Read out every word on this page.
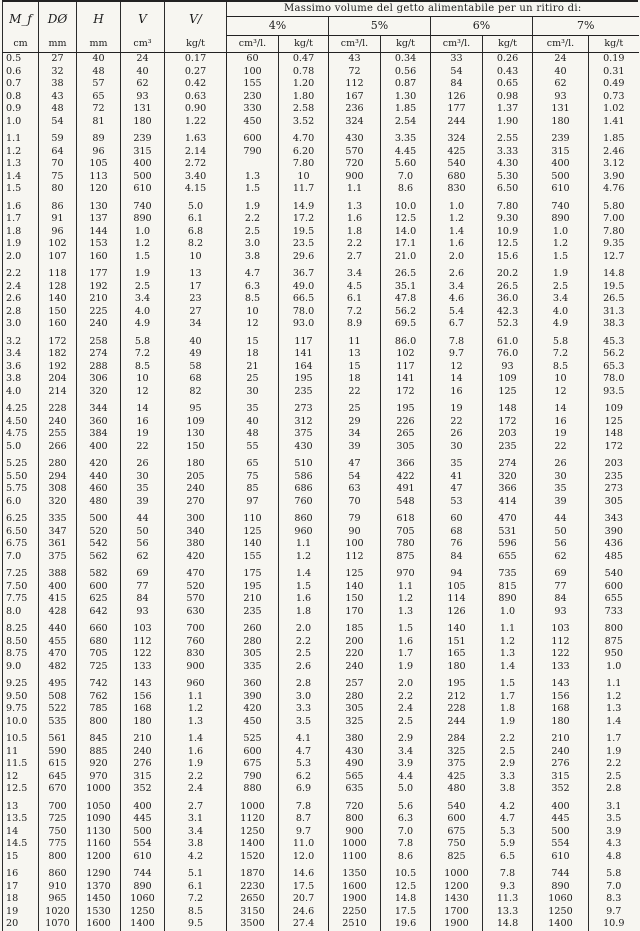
M_f	DØ	H	V	V/	Massimo volume del getto alimentabile per un ritiro di:							
					4%		5%		6%		7%	
cm	mm	mm	cm³	kg/t	cm³/l.	kg/t	cm³/l.	kg/t	cm³/l.	kg/t	cm³/l.	kg/t
0.5	27	40	24	0.17	60	0.47	43	0.34	33	0.26	24	0.19
0.6	32	48	40	0.27	100	0.78	72	0.56	54	0.43	40	0.31
0.7	38	57	62	0.42	155	1.20	112	0.87	84	0.65	62	0.49
0.8	43	65	93	0.63	230	1.80	167	1.30	126	0.98	93	0.73
0.9	48	72	131	0.90	330	2.58	236	1.85	177	1.37	131	1.02
1.0	54	81	180	1.22	450	3.52	324	2.54	244	1.90	180	1.41
1.1	59	89	239	1.63	600	4.70	430	3.35	324	2.55	239	1.85
1.2	64	96	315	2.14	790	6.20	570	4.45	425	3.33	315	2.46
1.3	70	105	400	2.72		7.80	720	5.60	540	4.30	400	3.12
1.4	75	113	500	3.40	1.3	10	900	7.0	680	5.30	500	3.90
1.5	80	120	610	4.15	1.5	11.7	1.1	8.6	830	6.50	610	4.76
1.6	86	130	740	5.0	1.9	14.9	1.3	10.0	1.0	7.80	740	5.80
1.7	91	137	890	6.1	2.2	17.2	1.6	12.5	1.2	9.30	890	7.00
1.8	96	144	1.0	6.8	2.5	19.5	1.8	14.0	1.4	10.9	1.0	7.80
1.9	102	153	1.2	8.2	3.0	23.5	2.2	17.1	1.6	12.5	1.2	9.35
2.0	107	160	1.5	10	3.8	29.6	2.7	21.0	2.0	15.6	1.5	12.7
2.2	118	177	1.9	13	4.7	36.7	3.4	26.5	2.6	20.2	1.9	14.8
2.4	128	192	2.5	17	6.3	49.0	4.5	35.1	3.4	26.5	2.5	19.5
2.6	140	210	3.4	23	8.5	66.5	6.1	47.8	4.6	36.0	3.4	26.5
2.8	150	225	4.0	27	10	78.0	7.2	56.2	5.4	42.3	4.0	31.3
3.0	160	240	4.9	34	12	93.0	8.9	69.5	6.7	52.3	4.9	38.3
3.2	172	258	5.8	40	15	117	11	86.0	7.8	61.0	5.8	45.3
3.4	182	274	7.2	49	18	141	13	102	9.7	76.0	7.2	56.2
3.6	192	288	8.5	58	21	164	15	117	12	93	8.5	65.3
3.8	204	306	10	68	25	195	18	141	14	109	10	78.0
4.0	214	320	12	82	30	235	22	172	16	125	12	93.5
4.25	228	344	14	95	35	273	25	195	19	148	14	109
4.50	240	360	16	109	40	312	29	226	22	172	16	125
4.75	255	384	19	130	48	375	34	265	26	203	19	148
5.0	266	400	22	150	55	430	39	305	30	235	22	172
5.25	280	420	26	180	65	510	47	366	35	274	26	203
5.50	294	440	30	205	75	586	54	422	41	320	30	235
5.75	308	460	35	240	85	686	63	491	47	366	35	273
6.0	320	480	39	270	97	760	70	548	53	414	39	305
6.25	335	500	44	300	110	860	79	618	60	470	44	343
6.50	347	520	50	340	125	960	90	705	68	531	50	390
6.75	361	542	56	380	140	1.1	100	780	76	596	56	436
7.0	375	562	62	420	155	1.2	112	875	84	655	62	485
7.25	388	582	69	470	175	1.4	125	970	94	735	69	540
7.50	400	600	77	520	195	1.5	140	1.1	105	815	77	600
7.75	415	625	84	570	210	1.6	150	1.2	114	890	84	655
8.0	428	642	93	630	235	1.8	170	1.3	126	1.0	93	733
8.25	440	660	103	700	260	2.0	185	1.5	140	1.1	103	800
8.50	455	680	112	760	280	2.2	200	1.6	151	1.2	112	875
8.75	470	705	122	830	305	2.5	220	1.7	165	1.3	122	950
9.0	482	725	133	900	335	2.6	240	1.9	180	1.4	133	1.0
9.25	495	742	143	960	360	2.8	257	2.0	195	1.5	143	1.1
9.50	508	762	156	1.1	390	3.0	280	2.2	212	1.7	156	1.2
9.75	522	785	168	1.2	420	3.3	305	2.4	228	1.8	168	1.3
10.0	535	800	180	1.3	450	3.5	325	2.5	244	1.9	180	1.4
10.5	561	845	210	1.4	525	4.1	380	2.9	284	2.2	210	1.7
11	590	885	240	1.6	600	4.7	430	3.4	325	2.5	240	1.9
11.5	615	920	276	1.9	675	5.3	490	3.9	375	2.9	276	2.2
12	645	970	315	2.2	790	6.2	565	4.4	425	3.3	315	2.5
12.5	670	1000	352	2.4	880	6.9	635	5.0	480	3.8	352	2.8
13	700	1050	400	2.7	1000	7.8	720	5.6	540	4.2	400	3.1
13.5	725	1090	445	3.1	1120	8.7	800	6.3	600	4.7	445	3.5
14	750	1130	500	3.4	1250	9.7	900	7.0	675	5.3	500	3.9
14.5	775	1160	554	3.8	1400	11.0	1000	7.8	750	5.9	554	4.3
15	800	1200	610	4.2	1520	12.0	1100	8.6	825	6.5	610	4.8
16	860	1290	744	5.1	1870	14.6	1350	10.5	1000	7.8	744	5.8
17	910	1370	890	6.1	2230	17.5	1600	12.5	1200	9.3	890	7.0
18	965	1450	1060	7.2	2650	20.7	1900	14.8	1430	11.3	1060	8.3
19	1020	1530	1250	8.5	3150	24.6	2250	17.5	1700	13.3	1250	9.7
20	1070	1600	1400	9.5	3500	27.4	2510	19.6	1900	14.8	1400	10.9
